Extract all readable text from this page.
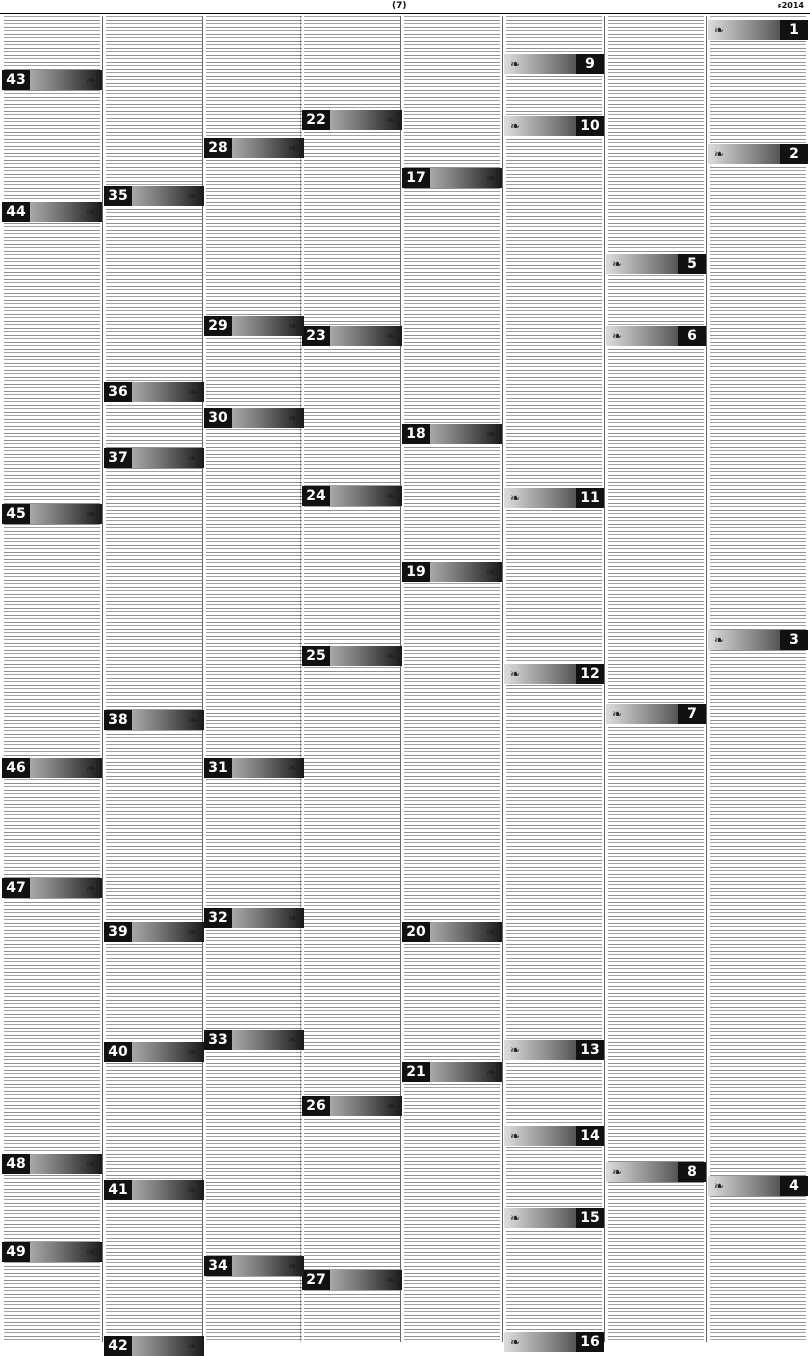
(7)	2014ء
1
❧
2
❧
3
❧
4
❧
5
❧
6
❧
7
❧
8
❧
9
❧
10
❧
11
❧
12
❧
13
❧
14
❧
15
❧
16
❧
17	❧
18	❧
19	❧
20	❧
21	❧
22	❧
23	❧
24	❧
25	❧
26	❧
27	❧
28	❧
29	❧
30	❧
31	❧
32	❧
33	❧
34	❧
35	❧
36	❧
37	❧
38	❧
39	❧
40	❧
41	❧
42	❧
43	❧
44	❧
45	❧
46	❧
47	❧
48	❧
49	❧
